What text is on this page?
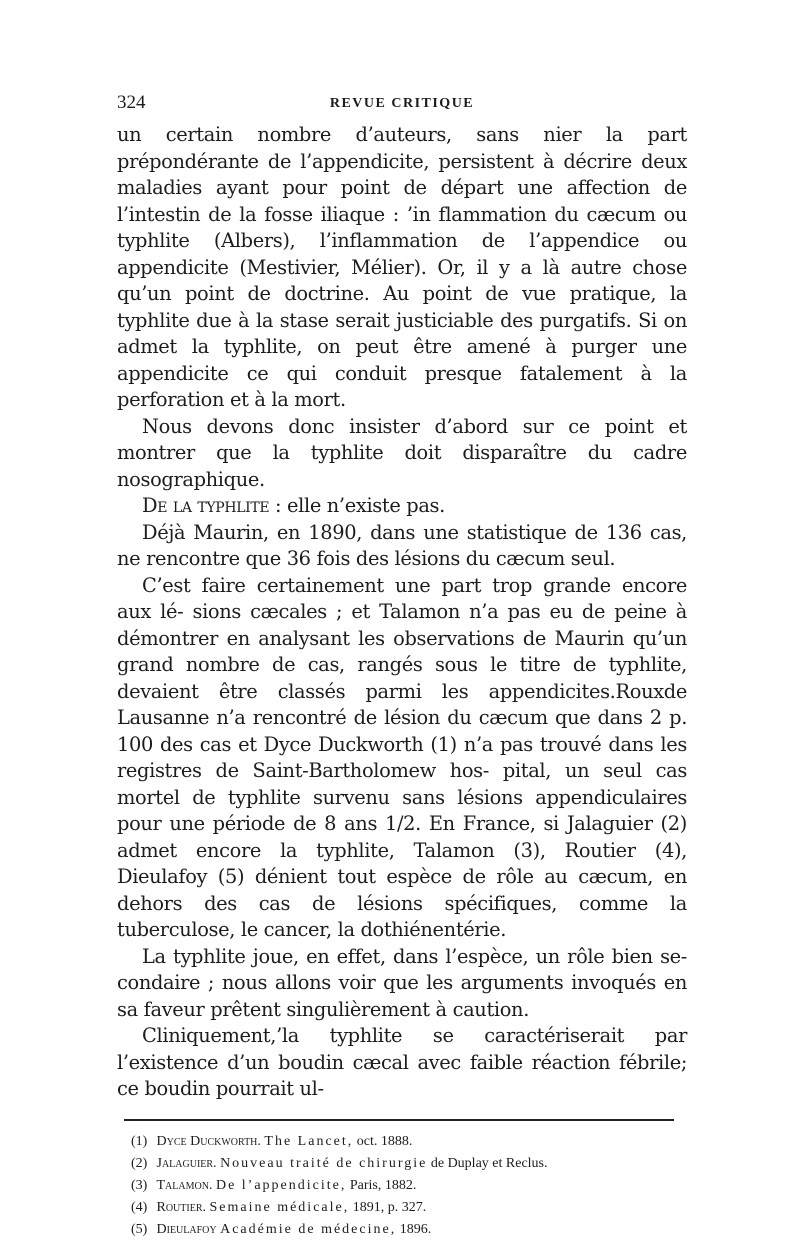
324	REVUE CRITIQUE

un certain nombre d’auteurs, sans nier la part prépondérante de l’appendicite, persistent à décrire deux maladies ayant pour point de départ une affection de l’intestin de la fosse iliaque : ’in flammation du cæcum ou typhlite (Albers), l’inflammation de l’appendice ou appendicite (Mestivier, Mélier). Or, il y a là autre chose qu’un point de doctrine. Au point de vue pratique, la typhlite due à la stase serait justiciable des purgatifs. Si on admet la typhlite, on peut être amené à purger une appendicite ce qui conduit presque fatalement à la perforation et à la mort.

Nous devons donc insister d’abord sur ce point et montrer que la typhlite doit disparaître du cadre nosographique.

De la typhlite : elle n’existe pas.

Déjà Maurin, en 1890, dans une statistique de 136 cas, ne rencontre que 36 fois des lésions du cæcum seul.

C’est faire certainement une part trop grande encore aux lé- sions cæcales ; et Talamon n’a pas eu de peine à démontrer en analysant les observations de Maurin qu’un grand nombre de cas, rangés sous le titre de typhlite, devaient être classés parmi les appendicites.Rouxde Lausanne n’a rencontré de lésion du cæcum que dans 2 p. 100 des cas et Dyce Duckworth (1) n’a pas trouvé dans les registres de Saint-Bartholomew hos- pital, un seul cas mortel de typhlite survenu sans lésions appendiculaires pour une période de 8 ans 1/2. En France, si Jalaguier (2) admet encore la typhlite, Talamon (3), Routier (4), Dieulafoy (5) dénient tout espèce de rôle au cæcum, en dehors des cas de lésions spécifiques, comme la tuberculose, le cancer, la dothiénentérie.

La typhlite joue, en effet, dans l’espèce, un rôle bien se- condaire ; nous allons voir que les arguments invoqués en sa faveur prêtent singulièrement à caution.

Cliniquement,’la typhlite se caractériserait par l’existence d’un boudin cæcal avec faible réaction fébrile; ce boudin pourrait ul-

(1) Dyce Duckworth. The Lancet, oct. 1888.
(2) Jalaguier. Nouveau traité de chirurgie de Duplay et Reclus.
(3) Talamon. De l’appendicite, Paris, 1882.
(4) Routier. Semaine médicale, 1891, p. 327.
(5) Dieulafoy Académie de médecine, 1896.
